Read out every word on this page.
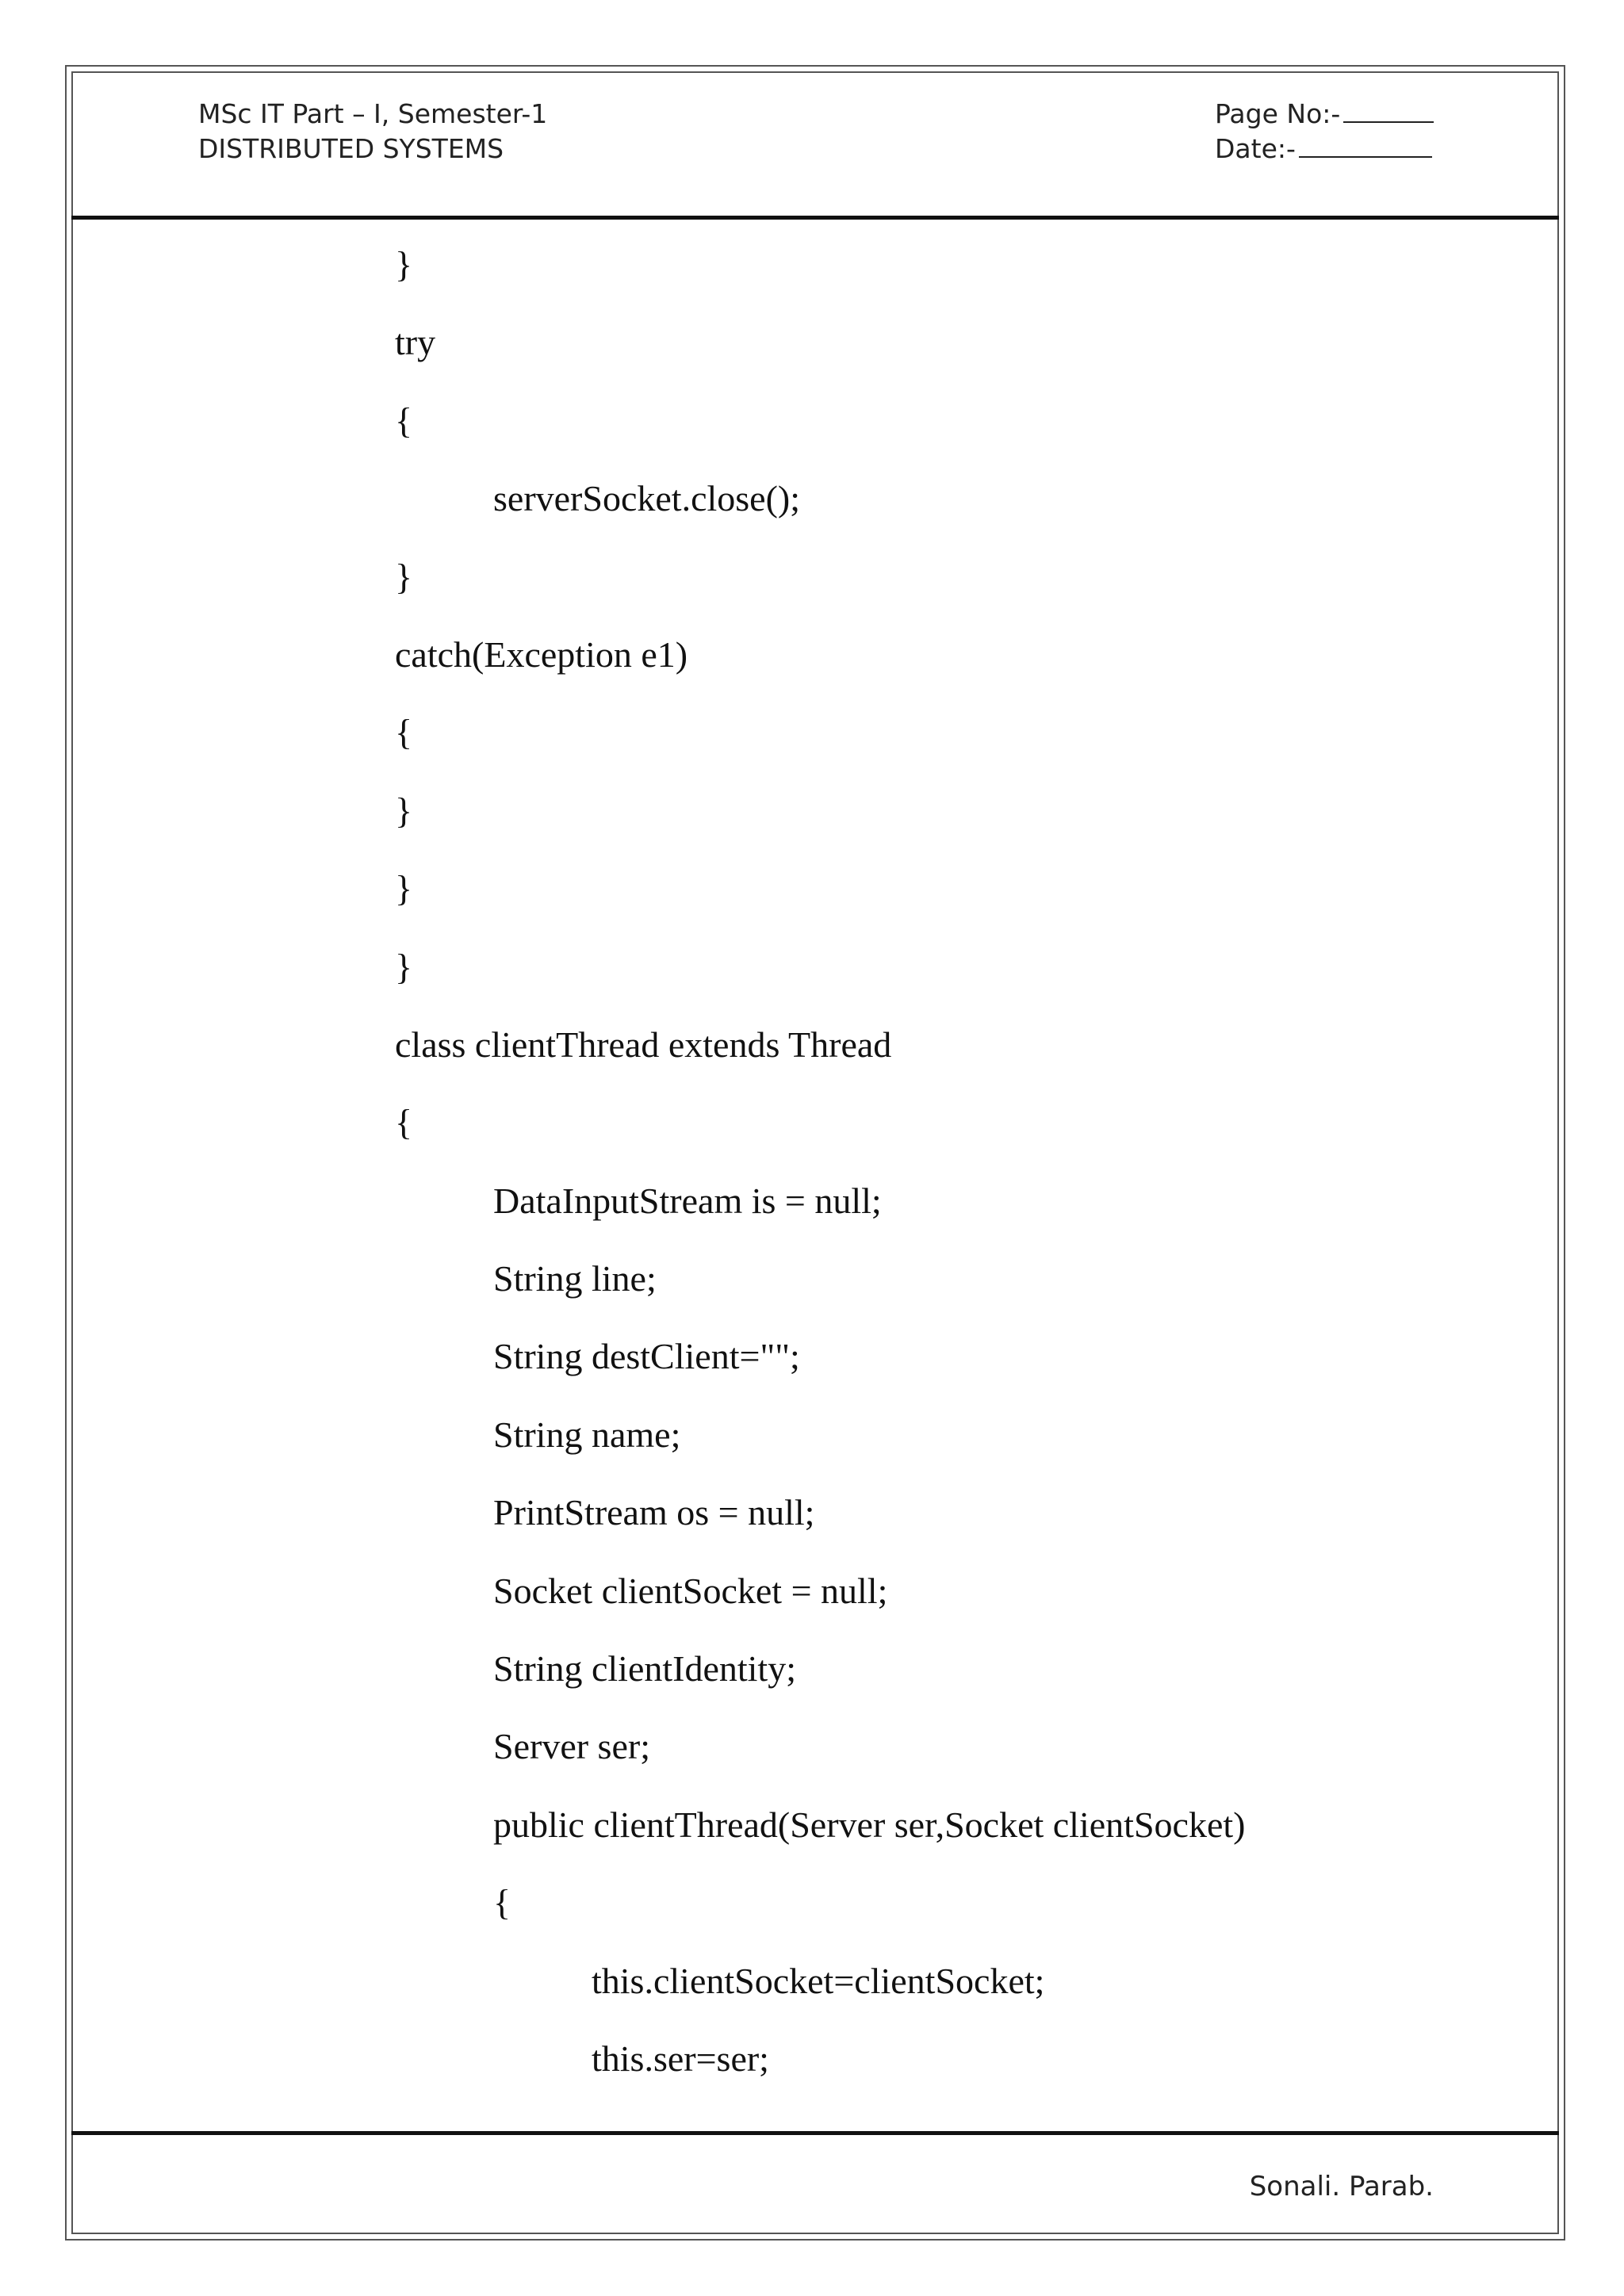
MSc IT Part – I, Semester-1
DISTRIBUTED SYSTEMS
Page No:-
Date:-
}
try
{
serverSocket.close();
}
catch(Exception e1)
{
}
}
}
class clientThread extends Thread
{
DataInputStream is = null;
String line;
String destClient="";
String name;
PrintStream os = null;
Socket clientSocket = null;
String clientIdentity;
Server ser;
public clientThread(Server ser,Socket clientSocket)
{
this.clientSocket=clientSocket;
this.ser=ser;
Sonali. Parab.
